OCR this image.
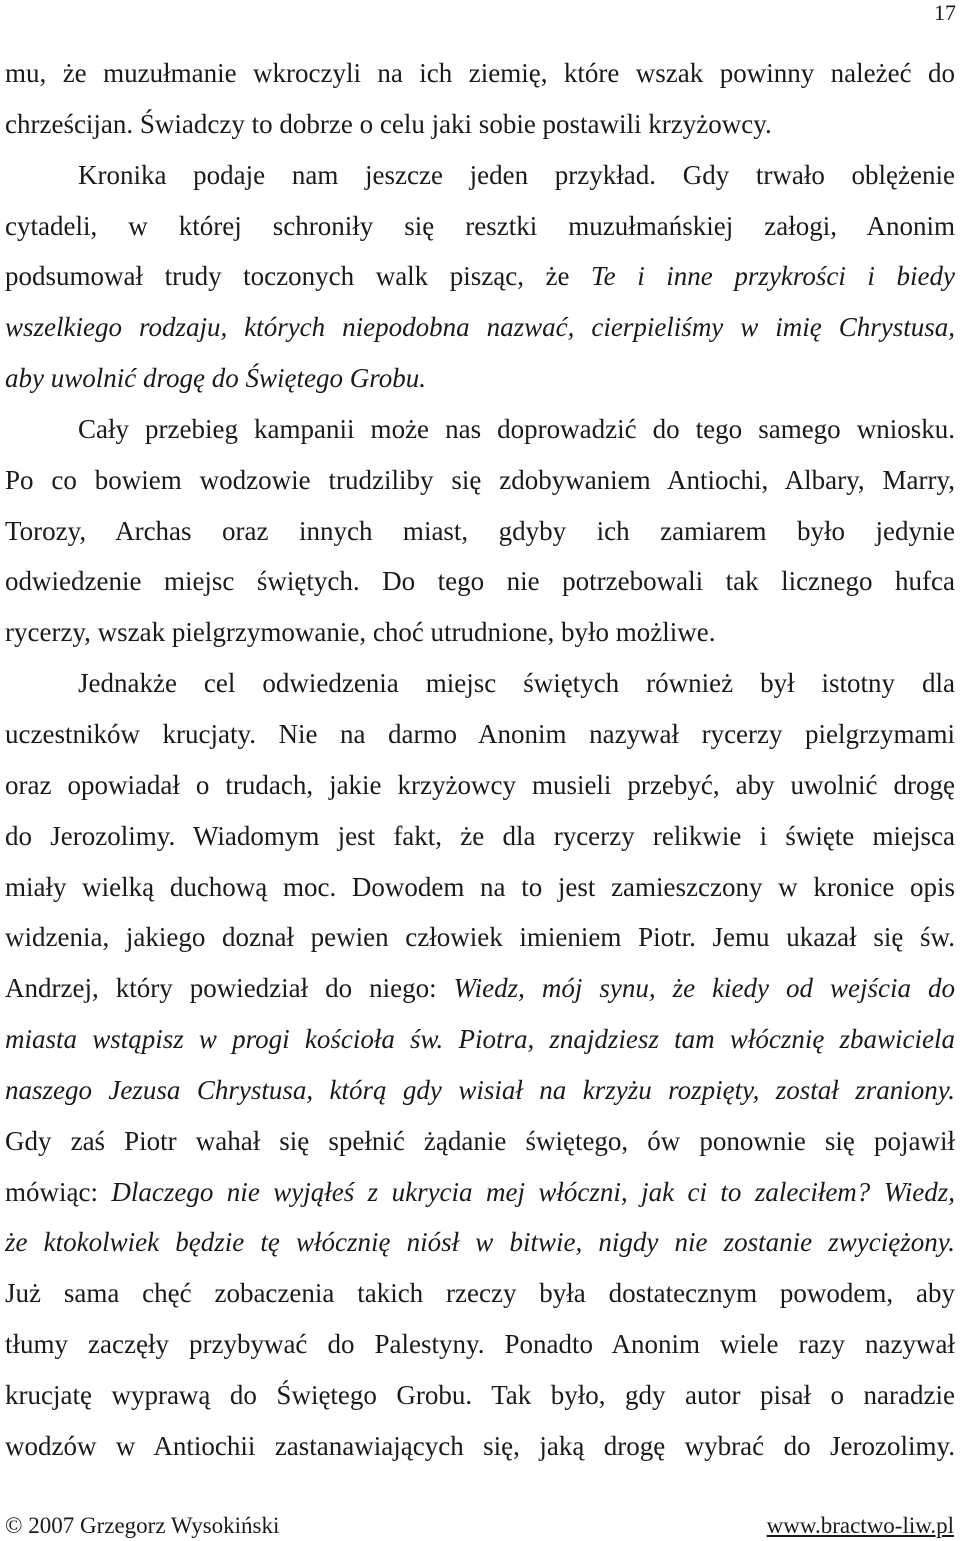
17
mu, że muzułmanie wkroczyli na ich ziemię, które wszak powinny należeć do
chrześcijan. Świadczy to dobrze o celu jaki sobie postawili krzyżowcy.
Kronika podaje nam jeszcze jeden przykład. Gdy trwało oblężenie
cytadeli, w której schroniły się resztki muzułmańskiej załogi, Anonim
podsumował trudy toczonych walk pisząc, że Te i inne przykrości i biedy
wszelkiego rodzaju, których niepodobna nazwać, cierpieliśmy w imię Chrystusa,
aby uwolnić drogę do Świętego Grobu.
Cały przebieg kampanii może nas doprowadzić do tego samego wniosku.
Po co bowiem wodzowie trudziliby się zdobywaniem Antiochi, Albary, Marry,
Torozy, Archas oraz innych miast, gdyby ich zamiarem było jedynie
odwiedzenie miejsc świętych. Do tego nie potrzebowali tak licznego hufca
rycerzy, wszak pielgrzymowanie, choć utrudnione, było możliwe.
Jednakże cel odwiedzenia miejsc świętych również był istotny dla
uczestników krucjaty. Nie na darmo Anonim nazywał rycerzy pielgrzymami
oraz opowiadał o trudach, jakie krzyżowcy musieli przebyć, aby uwolnić drogę
do Jerozolimy. Wiadomym jest fakt, że dla rycerzy relikwie i święte miejsca
miały wielką duchową moc. Dowodem na to jest zamieszczony w kronice opis
widzenia, jakiego doznał pewien człowiek imieniem Piotr. Jemu ukazał się św.
Andrzej, który powiedział do niego: Wiedz, mój synu, że kiedy od wejścia do
miasta wstąpisz w progi kościoła św. Piotra, znajdziesz tam włócznię zbawiciela
naszego Jezusa Chrystusa, którą gdy wisiał na krzyżu rozpięty, został zraniony.
Gdy zaś Piotr wahał się spełnić żądanie świętego, ów ponownie się pojawił
mówiąc: Dlaczego nie wyjąłeś z ukrycia mej włóczni, jak ci to zaleciłem? Wiedz,
że ktokolwiek będzie tę włócznię niósł w bitwie, nigdy nie zostanie zwyciężony.
Już sama chęć zobaczenia takich rzeczy była dostatecznym powodem, aby
tłumy zaczęły przybywać do Palestyny. Ponadto Anonim wiele razy nazywał
krucjatę wyprawą do Świętego Grobu. Tak było, gdy autor pisał o naradzie
wodzów w Antiochii zastanawiających się, jaką drogę wybrać do Jerozolimy.
© 2007 Grzegorz Wysokiński	www.bractwo-liw.pl
